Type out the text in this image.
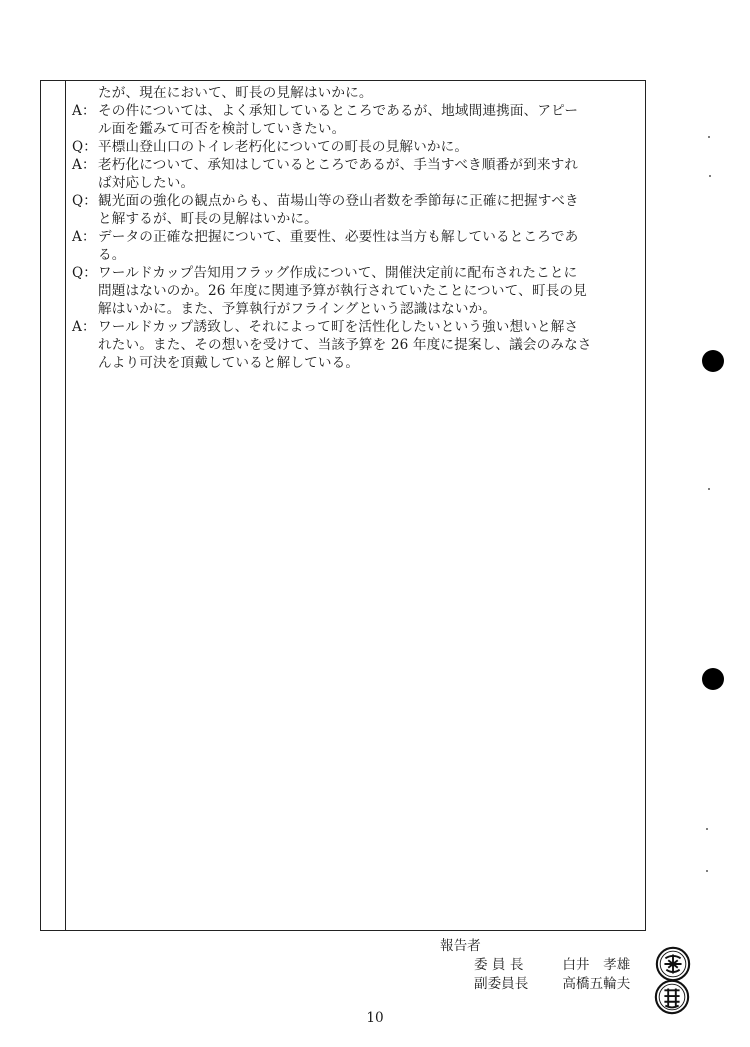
たが、現在において、町長の見解はいかに。
A： その件については、よく承知しているところであるが、地域間連携面、アピー
ル面を鑑みて可否を検討していきたい。
Q： 平標山登山口のトイレ老朽化についての町長の見解いかに。
A： 老朽化について、承知はしているところであるが、手当すべき順番が到来すれ
ば対応したい。
Q： 観光面の強化の観点からも、苗場山等の登山者数を季節毎に正確に把握すべき
と解するが、町長の見解はいかに。
A： データの正確な把握について、重要性、必要性は当方も解しているところであ
る。
Q： ワールドカップ告知用フラッグ作成について、開催決定前に配布されたことに
問題はないのか。26 年度に関連予算が執行されていたことについて、町長の見
解はいかに。また、予算執行がフライングという認識はないか。
A： ワールドカップ誘致し、それによって町を活性化したいという強い想いと解さ
れたい。また、その想いを受けて、当該予算を 26 年度に提案し、議会のみなさ
んより可決を頂戴していると解している。
報告者
委 員 長	白井　孝雄
副委員長 高橋五輪夫
10
